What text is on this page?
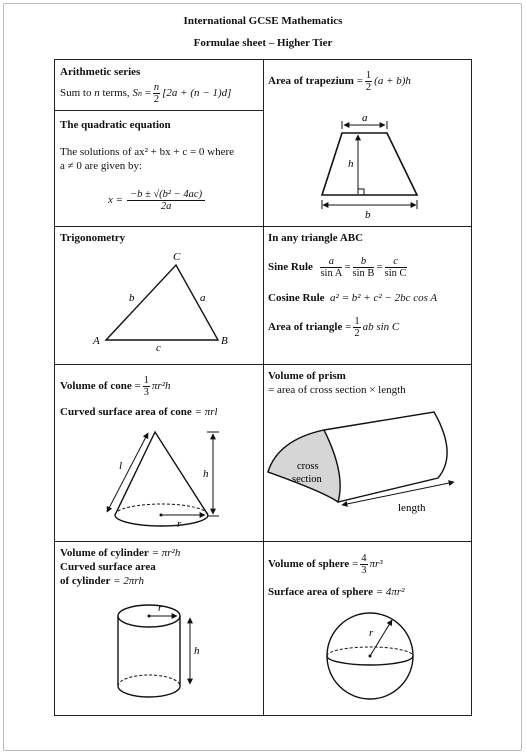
International GCSE Mathematics
Formulae sheet – Higher Tier
Arithmetic series
Sum to
n
terms,
S n
= $\frac{n}{2} [2a + (n - 1)d]$
Area of trapezium
= $\frac{1}{2} (a + b)h$
a
h
b
The quadratic equation
The solutions of ax² + bx + c = 0 where
a ≠ 0 are given by:
$x = \frac{\text{−b ± √(b² − 4ac)}}{2a}$
Trigonometry
A	B
C
b	a
c
In any triangle ABC
Sine Rule
$\frac{a}{\text{sin A}} = \frac{b}{\text{sin B}} = \frac{c}{\text{sin C}}$
Cosine Rule a² = b² + c² − 2bc cos A
Area of triangle
= $\frac{1}{2}$ ab sin C
Volume of cone
= $\frac{1}{3} \pi r^2h$
Curved surface area of cone = πrl
l
h
r
Volume of prism
= area of cross section × length
cross
section
length
Volume of cylinder = πr²h
Curved surface area
of cylinder = 2πrh
r
h
Volume of sphere
= $\frac{4}{3} \pi r^3$
Surface area of sphere = 4πr²
r
